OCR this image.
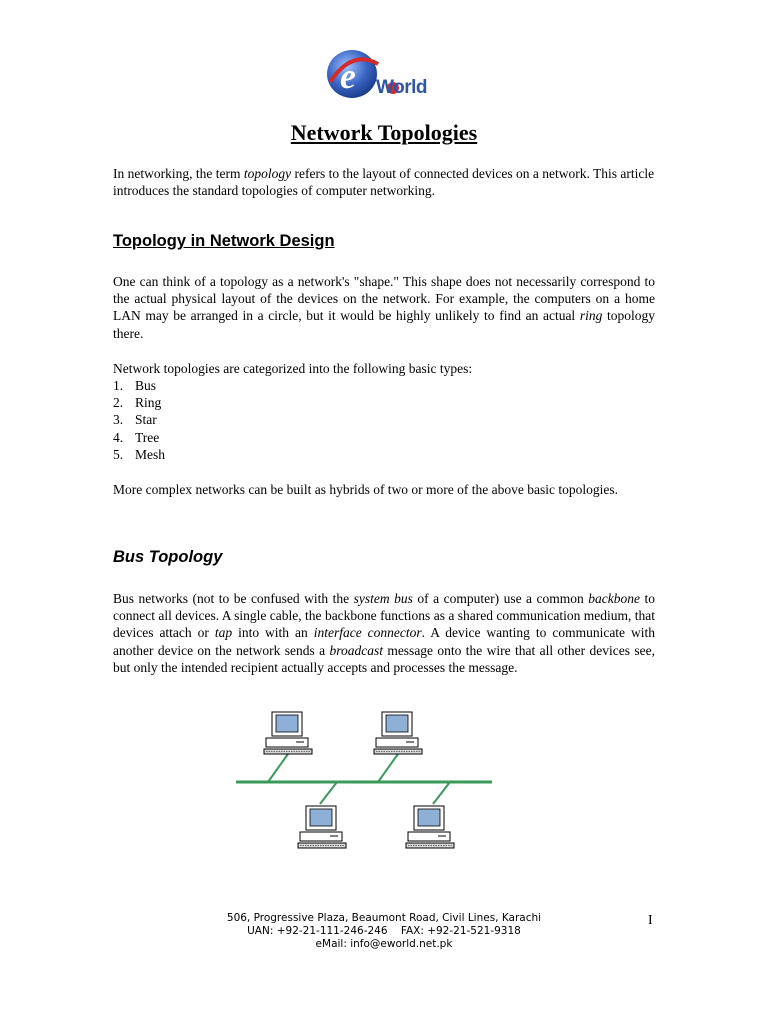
e World
Network Topologies

In networking, the term topology refers to the layout of connected devices on a network. This article introduces the standard topologies of computer networking.

Topology in Network Design

One can think of a topology as a network's "shape." This shape does not necessarily correspond to the actual physical layout of the devices on the network. For example, the computers on a home LAN may be arranged in a circle, but it would be highly unlikely to find an actual ring topology there.

Network topologies are categorized into the following basic types:

1. Bus
2. Ring
3. Star
4. Tree
5. Mesh

More complex networks can be built as hybrids of two or more of the above basic topologies.

Bus Topology

Bus networks (not to be confused with the system bus of a computer) use a common backbone to connect all devices. A single cable, the backbone functions as a shared communication medium, that devices attach or tap into with an interface connector. A device wanting to communicate with another device on the network sends a broadcast message onto the wire that all other devices see, but only the intended recipient actually accepts and processes the message.

506, Progressive Plaza, Beaumont Road, Civil Lines, Karachi
UAN: +92-21-111-246-246    FAX: +92-21-521-9318
eMail: info@eworld.net.pk
I
